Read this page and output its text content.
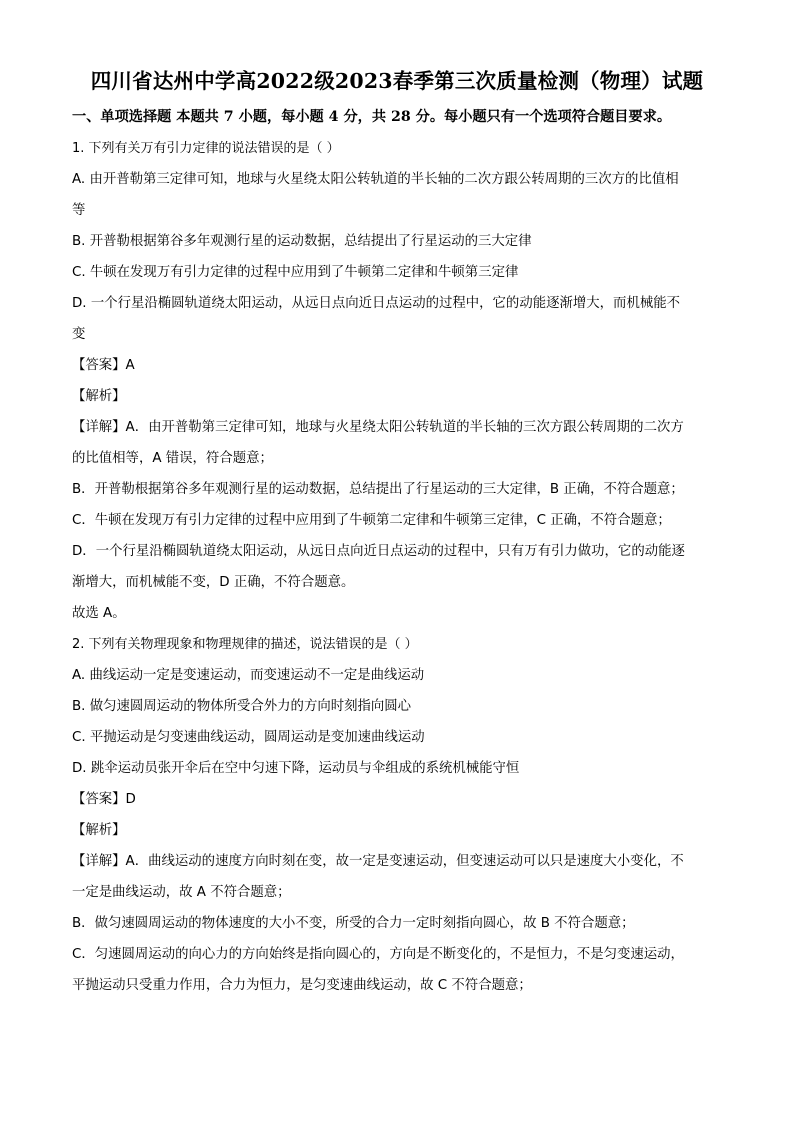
四川省达州中学高2022级2023春季第三次质量检测（物理）试题
一、单项选择题 本题共 7 小题，每小题 4 分，共 28 分。每小题只有一个选项符合题目要求。
1. 下列有关万有引力定律的说法错误的是（ ）
A. 由开普勒第三定律可知，地球与火星绕太阳公转轨道的半长轴的二次方跟公转周期的三次方的比值相
等
B. 开普勒根据第谷多年观测行星的运动数据，总结提出了行星运动的三大定律
C. 牛顿在发现万有引力定律的过程中应用到了牛顿第二定律和牛顿第三定律
D. 一个行星沿椭圆轨道绕太阳运动，从远日点向近日点运动的过程中，它的动能逐渐增大，而机械能不
变
【答案】A
【解析】
【详解】A．由开普勒第三定律可知，地球与火星绕太阳公转轨道的半长轴的三次方跟公转周期的二次方
的比值相等，A 错误，符合题意；
B．开普勒根据第谷多年观测行星的运动数据，总结提出了行星运动的三大定律，B 正确，不符合题意；
C．牛顿在发现万有引力定律的过程中应用到了牛顿第二定律和牛顿第三定律，C 正确，不符合题意；
D．一个行星沿椭圆轨道绕太阳运动，从远日点向近日点运动的过程中，只有万有引力做功，它的动能逐
渐增大，而机械能不变，D 正确，不符合题意。
故选 A。
2. 下列有关物理现象和物理规律的描述，说法错误的是（ ）
A. 曲线运动一定是变速运动，而变速运动不一定是曲线运动
B. 做匀速圆周运动的物体所受合外力的方向时刻指向圆心
C. 平抛运动是匀变速曲线运动，圆周运动是变加速曲线运动
D. 跳伞运动员张开伞后在空中匀速下降，运动员与伞组成的系统机械能守恒
【答案】D
【解析】
【详解】A．曲线运动的速度方向时刻在变，故一定是变速运动，但变速运动可以只是速度大小变化，不
一定是曲线运动，故 A 不符合题意；
B．做匀速圆周运动的物体速度的大小不变，所受的合力一定时刻指向圆心，故 B 不符合题意；
C．匀速圆周运动的向心力的方向始终是指向圆心的，方向是不断变化的，不是恒力，不是匀变速运动，
平抛运动只受重力作用，合力为恒力，是匀变速曲线运动，故 C 不符合题意；
